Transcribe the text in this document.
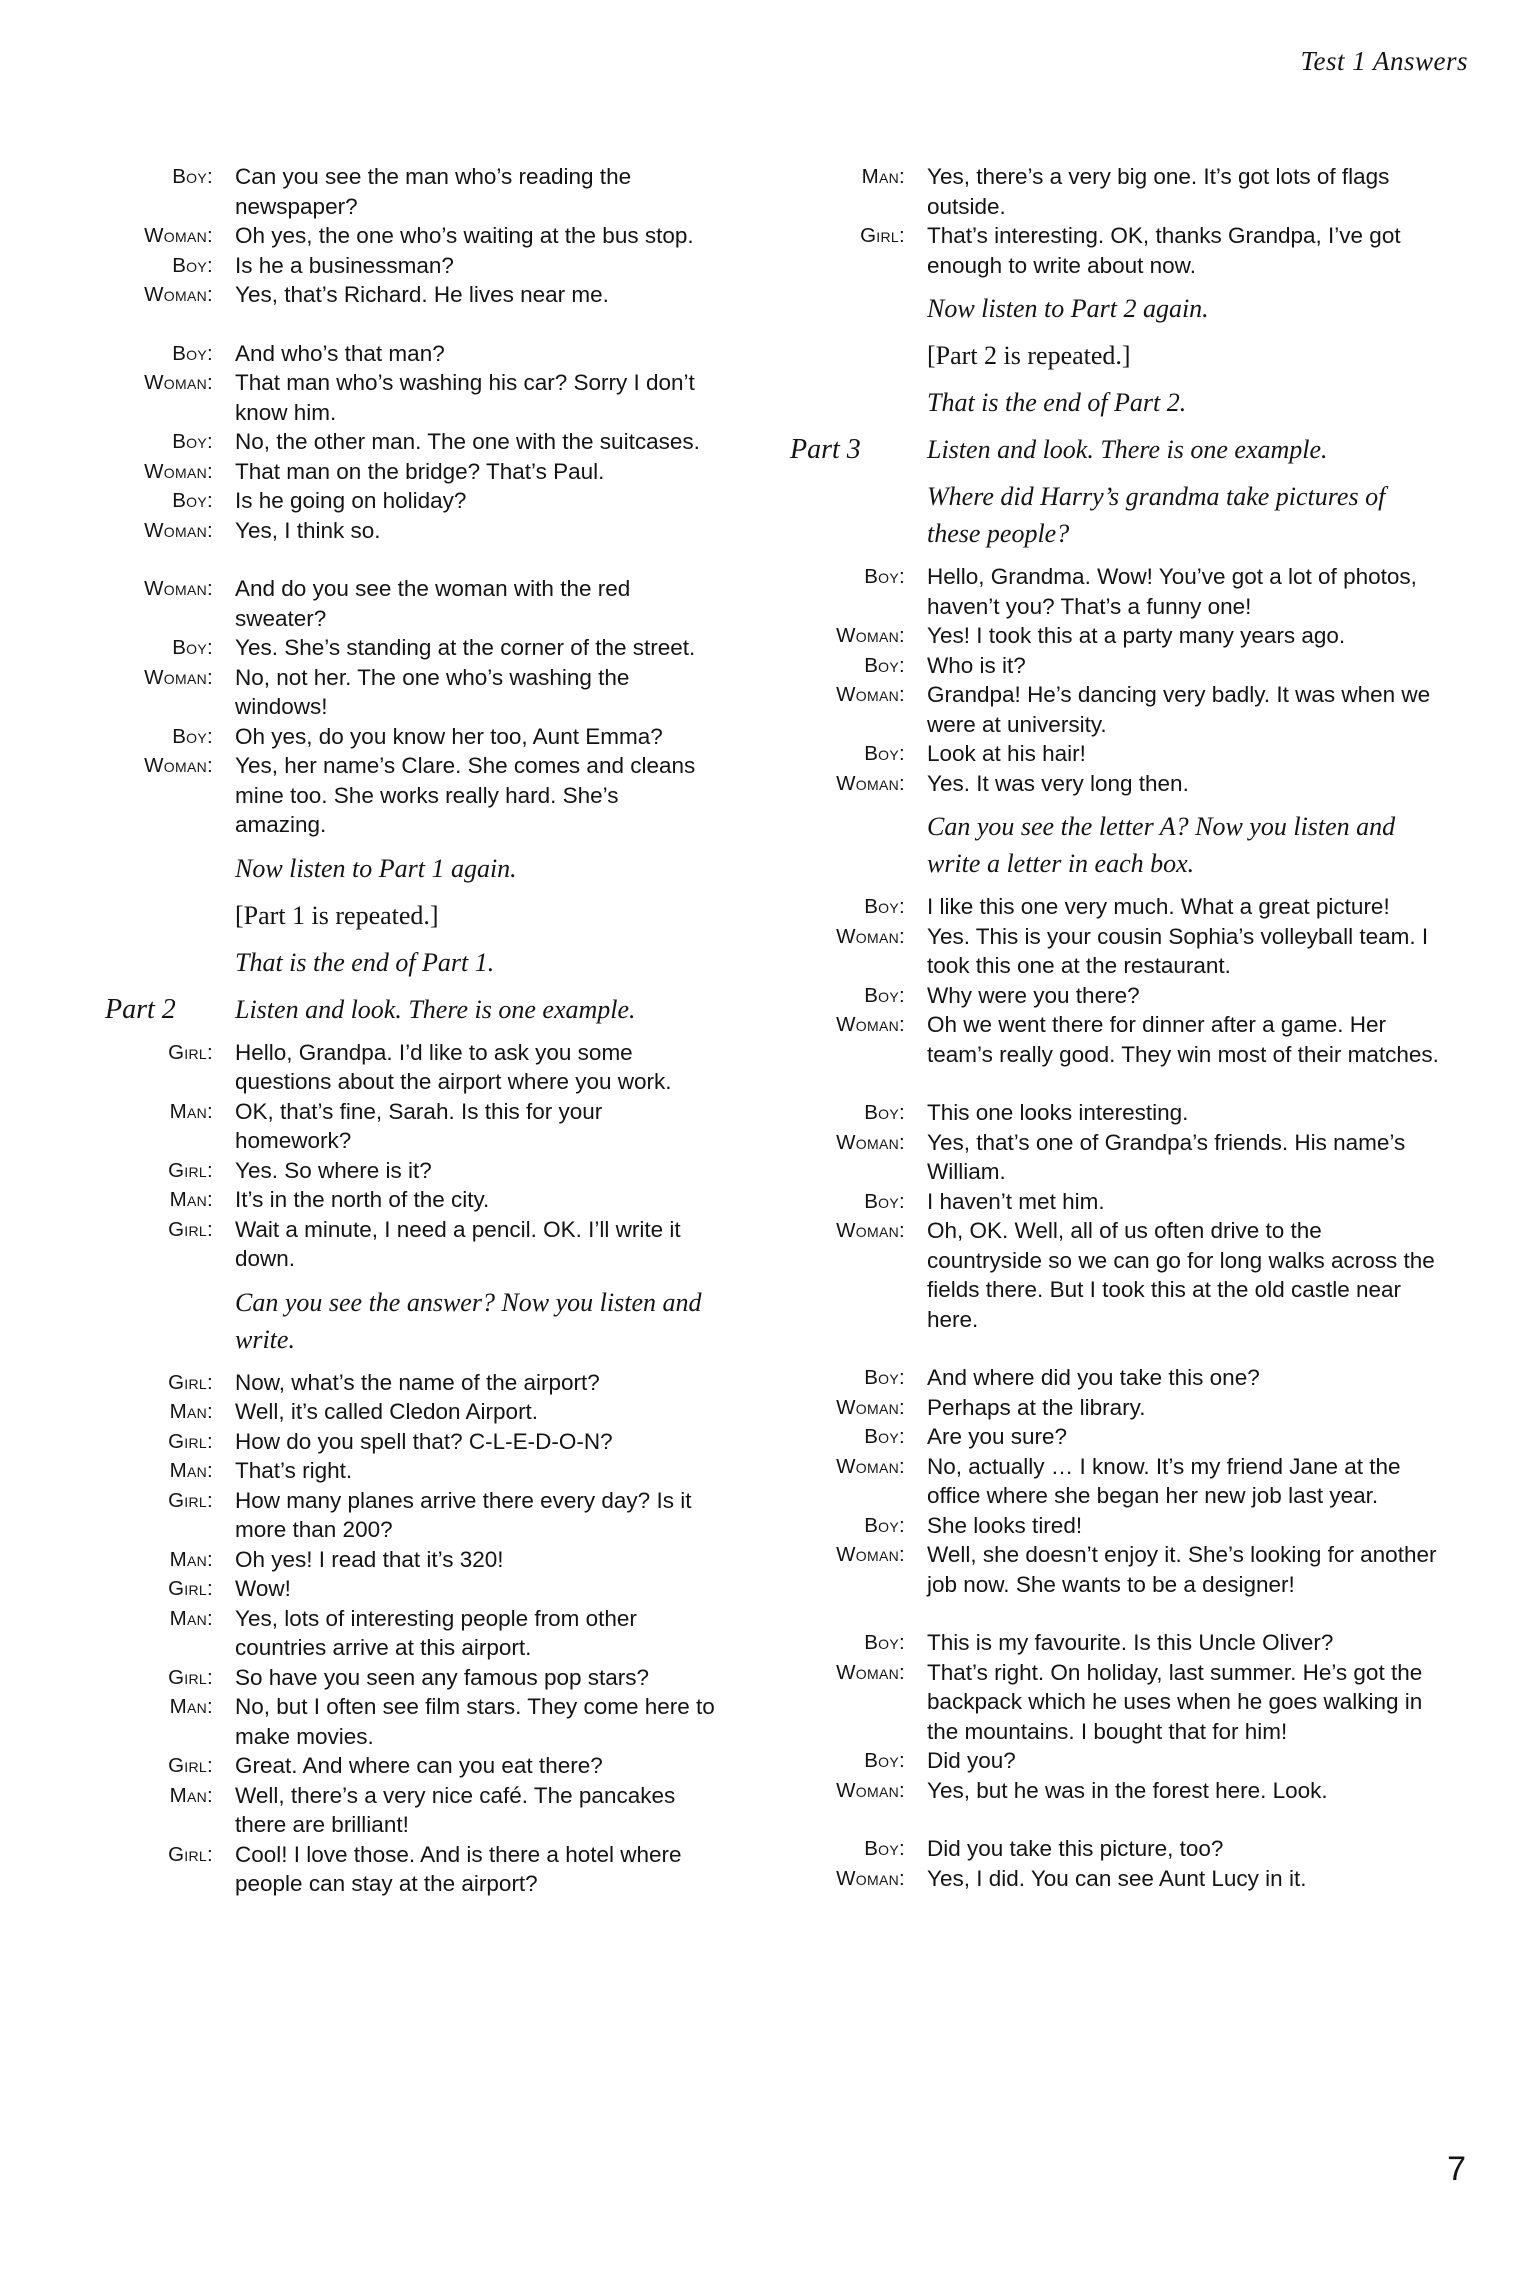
Test 1 Answers
Boy: Can you see the man who’s reading the newspaper?
Woman: Oh yes, the one who’s waiting at the bus stop.
Boy: Is he a businessman?
Woman: Yes, that’s Richard. He lives near me.
Boy: And who’s that man?
Woman: That man who’s washing his car? Sorry I don’t know him.
Boy: No, the other man. The one with the suitcases.
Woman: That man on the bridge? That’s Paul.
Boy: Is he going on holiday?
Woman: Yes, I think so.
Woman: And do you see the woman with the red sweater?
Boy: Yes. She’s standing at the corner of the street.
Woman: No, not her. The one who’s washing the windows!
Boy: Oh yes, do you know her too, Aunt Emma?
Woman: Yes, her name’s Clare. She comes and cleans mine too. She works really hard. She’s amazing.
Now listen to Part 1 again.
[Part 1 is repeated.]
That is the end of Part 1.
Part 2	Listen and look. There is one example.
Girl: Hello, Grandpa. I’d like to ask you some questions about the airport where you work.
Man: OK, that’s fine, Sarah. Is this for your homework?
Girl: Yes. So where is it?
Man: It’s in the north of the city.
Girl: Wait a minute, I need a pencil. OK. I’ll write it down.
Can you see the answer? Now you listen and write.
Girl: Now, what’s the name of the airport?
Man: Well, it’s called Cledon Airport.
Girl: How do you spell that? C-L-E-D-O-N?
Man: That’s right.
Girl: How many planes arrive there every day? Is it more than 200?
Man: Oh yes! I read that it’s 320!
Girl: Wow!
Man: Yes, lots of interesting people from other countries arrive at this airport.
Girl: So have you seen any famous pop stars?
Man: No, but I often see film stars. They come here to make movies.
Girl: Great. And where can you eat there?
Man: Well, there’s a very nice café. The pancakes there are brilliant!
Girl: Cool! I love those. And is there a hotel where people can stay at the airport?
Man: Yes, there’s a very big one. It’s got lots of flags outside.
Girl: That’s interesting. OK, thanks Grandpa, I’ve got enough to write about now.
Now listen to Part 2 again.
[Part 2 is repeated.]
That is the end of Part 2.
Part 3	Listen and look. There is one example.
Where did Harry’s grandma take pictures of these people?
Boy: Hello, Grandma. Wow! You’ve got a lot of photos, haven’t you? That’s a funny one!
Woman: Yes! I took this at a party many years ago.
Boy: Who is it?
Woman: Grandpa! He’s dancing very badly. It was when we were at university.
Boy: Look at his hair!
Woman: Yes. It was very long then.
Can you see the letter A? Now you listen and write a letter in each box.
Boy: I like this one very much. What a great picture!
Woman: Yes. This is your cousin Sophia’s volleyball team. I took this one at the restaurant.
Boy: Why were you there?
Woman: Oh we went there for dinner after a game. Her team’s really good. They win most of their matches.
Boy: This one looks interesting.
Woman: Yes, that’s one of Grandpa’s friends. His name’s William.
Boy: I haven’t met him.
Woman: Oh, OK. Well, all of us often drive to the countryside so we can go for long walks across the fields there. But I took this at the old castle near here.
Boy: And where did you take this one?
Woman: Perhaps at the library.
Boy: Are you sure?
Woman: No, actually … I know. It’s my friend Jane at the office where she began her new job last year.
Boy: She looks tired!
Woman: Well, she doesn’t enjoy it. She’s looking for another job now. She wants to be a designer!
Boy: This is my favourite. Is this Uncle Oliver?
Woman: That’s right. On holiday, last summer. He’s got the backpack which he uses when he goes walking in the mountains. I bought that for him!
Boy: Did you?
Woman: Yes, but he was in the forest here. Look.
Boy: Did you take this picture, too?
Woman: Yes, I did. You can see Aunt Lucy in it.
7
